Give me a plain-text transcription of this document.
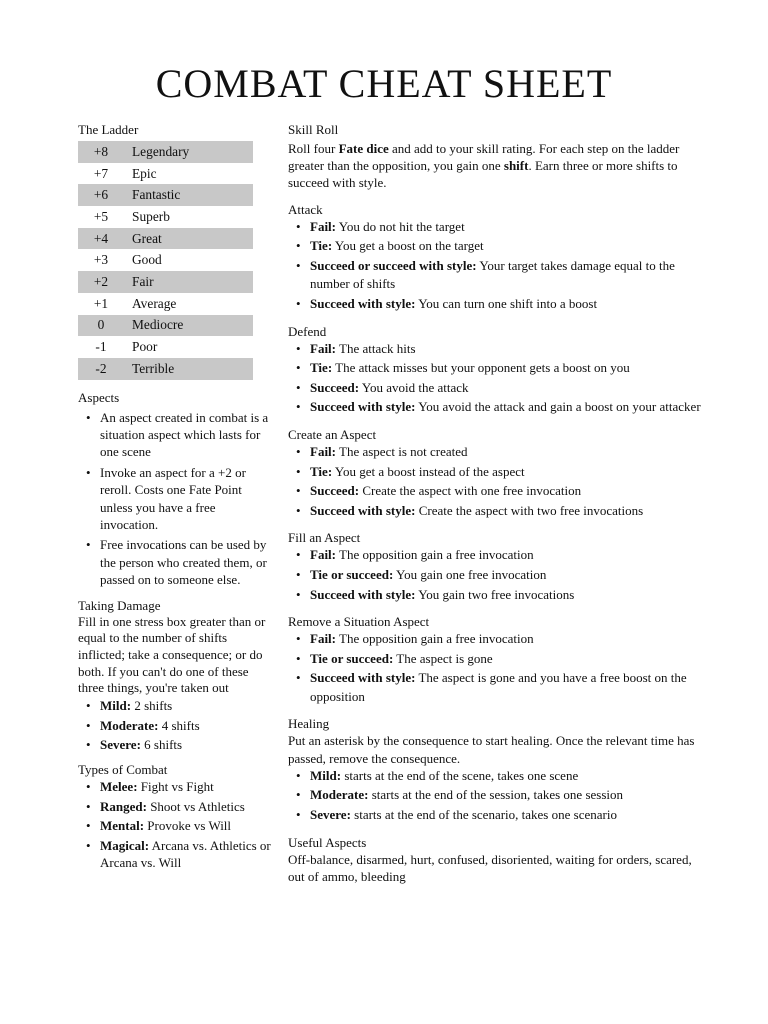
COMBAT CHEAT SHEET
The Ladder
+8	Legendary
+7	Epic
+6	Fantastic
+5	Superb
+4	Great
+3	Good
+2	Fair
+1	Average
0	Mediocre
-1	Poor
-2	Terrible
Aspects
• An aspect created in combat is a situation aspect which lasts for one scene
• Invoke an aspect for a +2 or reroll. Costs one Fate Point unless you have a free invocation.
• Free invocations can be used by the person who created them, or passed on to someone else.
Taking Damage

Fill in one stress box greater than or equal to the number of shifts inflicted; take a consequence; or do both. If you can't do one of these three things, you're taken out

• Mild: 2 shifts
• Moderate: 4 shifts
• Severe: 6 shifts
Types of Combat
• Melee: Fight vs Fight
• Ranged: Shoot vs Athletics
• Mental: Provoke vs Will
• Magical: Arcana vs. Athletics or Arcana vs. Will
Skill Roll

Roll four Fate dice and add to your skill rating. For each step on the ladder greater than the opposition, you gain one shift. Earn three or more shifts to succeed with style.

Attack
• Fail: You do not hit the target
• Tie: You get a boost on the target
• Succeed or succeed with style: Your target takes damage equal to the number of shifts
• Succeed with style: You can turn one shift into a boost
Defend
• Fail: The attack hits
• Tie: The attack misses but your opponent gets a boost on you
• Succeed: You avoid the attack
• Succeed with style: You avoid the attack and gain a boost on your attacker
Create an Aspect
• Fail: The aspect is not created
• Tie: You get a boost instead of the aspect
• Succeed: Create the aspect with one free invocation
• Succeed with style: Create the aspect with two free invocations
Fill an Aspect
• Fail: The opposition gain a free invocation
• Tie or succeed: You gain one free invocation
• Succeed with style: You gain two free invocations
Remove a Situation Aspect
• Fail: The opposition gain a free invocation
• Tie or succeed: The aspect is gone
• Succeed with style: The aspect is gone and you have a free boost on the opposition
Healing

Put an asterisk by the consequence to start healing. Once the relevant time has passed, remove the consequence.

• Mild: starts at the end of the scene, takes one scene
• Moderate: starts at the end of the session, takes one session
• Severe: starts at the end of the scenario, takes one scenario
Useful Aspects

Off-balance, disarmed, hurt, confused, disoriented, waiting for orders, scared, out of ammo, bleeding
